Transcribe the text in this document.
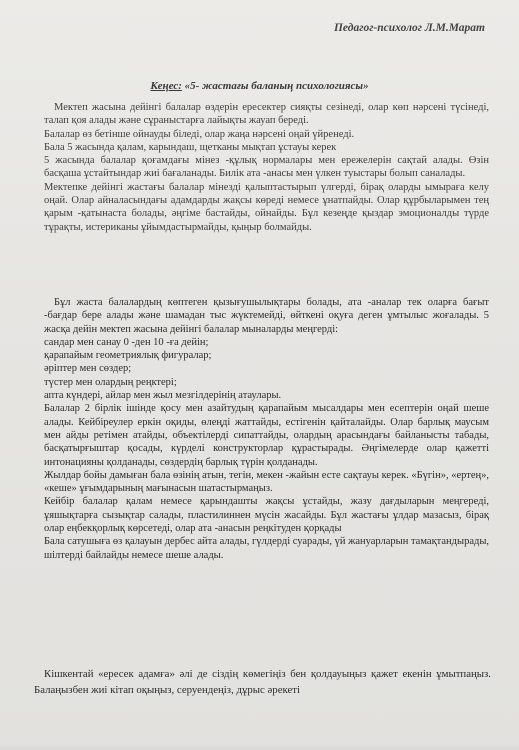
Педагог-психолог Л.М.Марат
Кеңес: «5- жастағы баланың психологиясы»

Мектеп жасына дейінгі балалар өздерін ересектер сияқты сезінеді, олар көп нәрсені түсінеді, талап қоя алады және сұраныстарға лайықты жауап береді.

Балалар өз бетінше ойнауды біледі, олар жаңа нәрсені оңай үйренеді.

Бала 5 жасында қалам, карындаш, щетканы мықтап ұстауы керек

5 жасында балалар қоғамдағы мінез -құлық нормалары мен ережелерін сақтай алады. Өзін басқаша ұстайтындар жиі бағаланады. Билік ата -анасы мен үлкен туыстары болып саналады.

Мектепке дейінгі жастағы балалар мінезді қалыптастырып үлгерді, бірақ оларды ымыраға келу оңай. Олар айналасындағы адамдарды жақсы көреді немесе ұнатпайды. Олар құрбыларымен тең қарым -қатынаста болады, әңгіме бастайды, ойнайды. Бұл кезеңде қыздар эмоционалды түрде тұрақты, истериканы ұйымдастырмайды, қыңыр болмайды.

Бұл жаста балалардың көптеген қызығушылықтары болады, ата -аналар тек оларға бағыт -бағдар бере алады және шамадан тыс жүктемейді, өйткені оқуға деген ұмтылыс жоғалады. 5 жасқа дейін мектеп жасына дейінгі балалар мыналарды меңгерді:

сандар мен санау 0 -ден 10 -ға дейін;

қарапайым геометриялық фигуралар;

әріптер мен сөздер;

түстер мен олардың реңктері;

апта күндері, айлар мен жыл мезгілдерінің атаулары.

Балалар 2 бірлік ішінде қосу мен азайтудың қарапайым мысалдары мен есептерін оңай шеше алады. Кейбіреулер еркін оқиды, өлеңді жаттайды, естігенін қайталайды. Олар барлық маусым мен айды ретімен атайды, объектілерді сипаттайды, олардың арасындағы байланысты табады, басқатырғыштар қосады, күрделі конструкторлар құрастырады. Әңгімелерде олар қажетті интонацияны қолданады, сөздердің барлық түрін қолданады.

Жылдар бойы дамыған бала өзінің атын, тегін, мекен -жайын есте сақтауы керек. «Бүгін», «ертең», «кеше» ұғымдарының мағынасын шатастырмаңыз.

Кейбір балалар қалам немесе қарындашты жақсы ұстайды, жазу дағдыларын меңгереді, ұяшықтарға сызықтар салады, пластилиннен мүсін жасайды. Бұл жастағы ұлдар мазасыз, бірақ олар еңбекқорлық көрсетеді, олар ата -анасын реңкітуден қорқады

Бала сатушыға өз қалауын дербес айта алады, гүлдерді суарады, үй жануарларын тамақтандырады, шілтерді байлайды немесе шеше алады.

Кішкентай «ересек адамға» әлі де сіздің көмегіңіз бен қолдауыңыз қажет екенін ұмытпаңыз. Балаңызбен жиі кітап оқыңыз, серуендеңіз, дұрыс әрекеті
